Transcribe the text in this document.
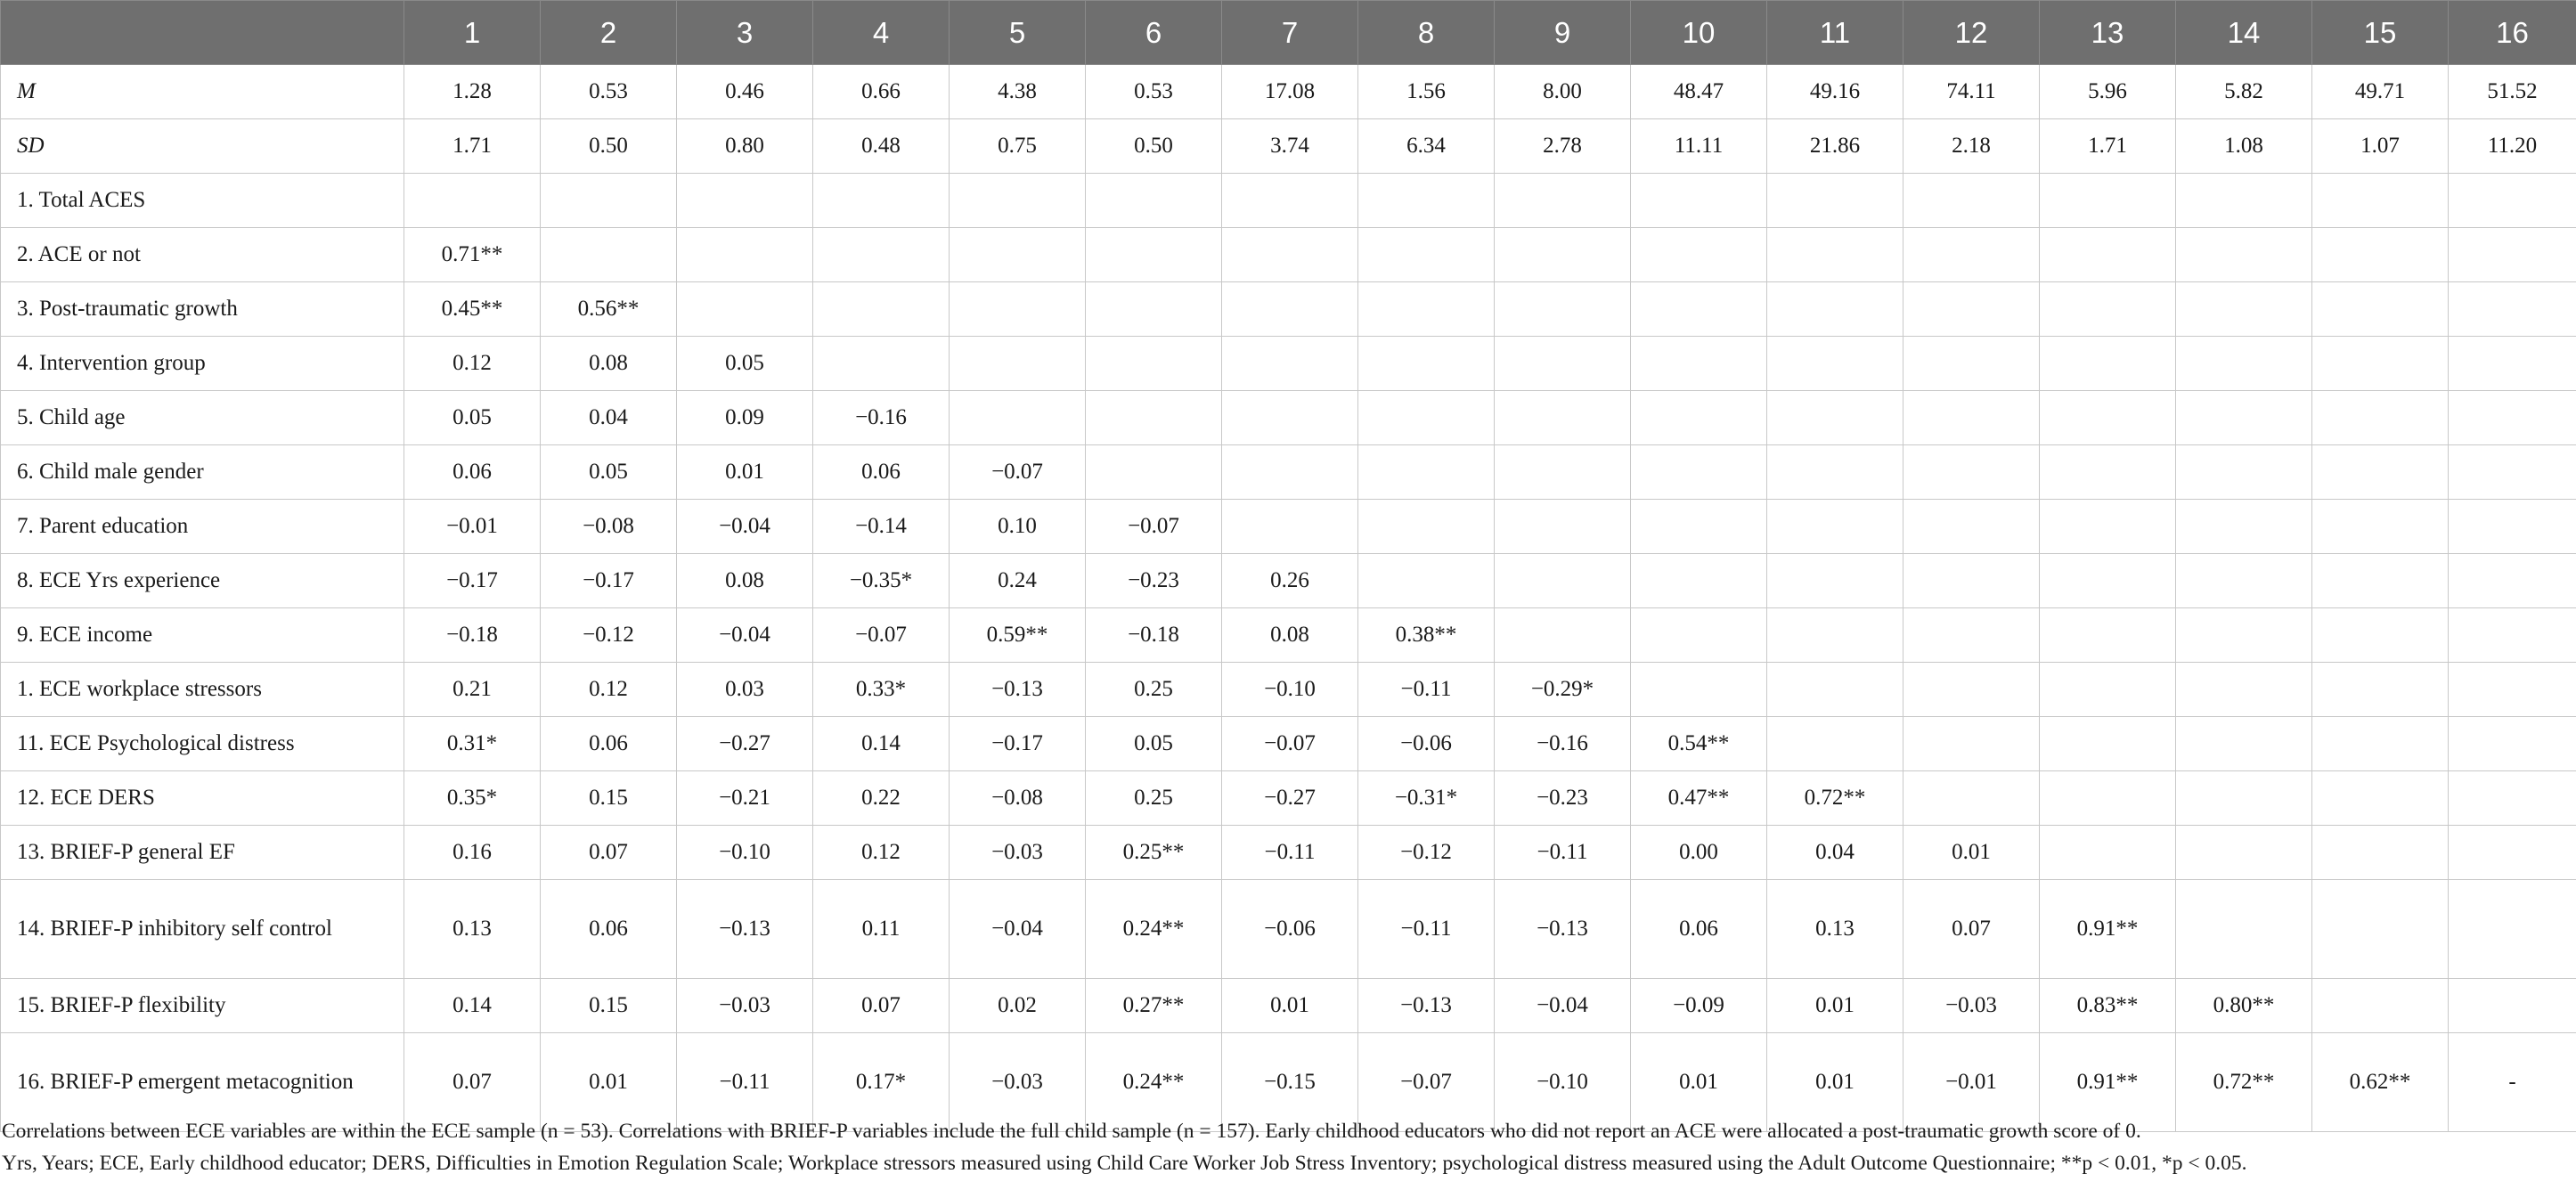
	1	2	3	4	5	6	7	8	9	10	11	12	13	14	15	16
M	1.28	0.53	0.46	0.66	4.38	0.53	17.08	1.56	8.00	48.47	49.16	74.11	5.96	5.82	49.71	51.52
SD	1.71	0.50	0.80	0.48	0.75	0.50	3.74	6.34	2.78	11.11	21.86	2.18	1.71	1.08	1.07	11.20
1. Total ACES																
2. ACE or not	0.71**															
3. Post-traumatic growth	0.45**	0.56**														
4. Intervention group	0.12	0.08	0.05													
5. Child age	0.05	0.04	0.09	−0.16												
6. Child male gender	0.06	0.05	0.01	0.06	−0.07											
7. Parent education	−0.01	−0.08	−0.04	−0.14	0.10	−0.07										
8. ECE Yrs experience	−0.17	−0.17	0.08	−0.35*	0.24	−0.23	0.26									
9. ECE income	−0.18	−0.12	−0.04	−0.07	0.59**	−0.18	0.08	0.38**								
1. ECE workplace stressors	0.21	0.12	0.03	0.33*	−0.13	0.25	−0.10	−0.11	−0.29*							
11. ECE Psychological distress	0.31*	0.06	−0.27	0.14	−0.17	0.05	−0.07	−0.06	−0.16	0.54**						
12. ECE DERS	0.35*	0.15	−0.21	0.22	−0.08	0.25	−0.27	−0.31*	−0.23	0.47**	0.72**					
13. BRIEF-P general EF	0.16	0.07	−0.10	0.12	−0.03	0.25**	−0.11	−0.12	−0.11	0.00	0.04	0.01				
14. BRIEF-P inhibitory self control	0.13	0.06	−0.13	0.11	−0.04	0.24**	−0.06	−0.11	−0.13	0.06	0.13	0.07	0.91**			
15. BRIEF-P flexibility	0.14	0.15	−0.03	0.07	0.02	0.27**	0.01	−0.13	−0.04	−0.09	0.01	−0.03	0.83**	0.80**		
16. BRIEF-P emergent metacognition	0.07	0.01	−0.11	0.17*	−0.03	0.24**	−0.15	−0.07	−0.10	0.01	0.01	−0.01	0.91**	0.72**	0.62**	-

Correlations between ECE variables are within the ECE sample (n = 53). Correlations with BRIEF-P variables include the full child sample (n = 157). Early childhood educators who did not report an ACE were allocated a post-traumatic growth score of 0.

Yrs, Years; ECE, Early childhood educator; DERS, Difficulties in Emotion Regulation Scale; Workplace stressors measured using Child Care Worker Job Stress Inventory; psychological distress measured using the Adult Outcome Questionnaire; **p < 0.01, *p < 0.05.
